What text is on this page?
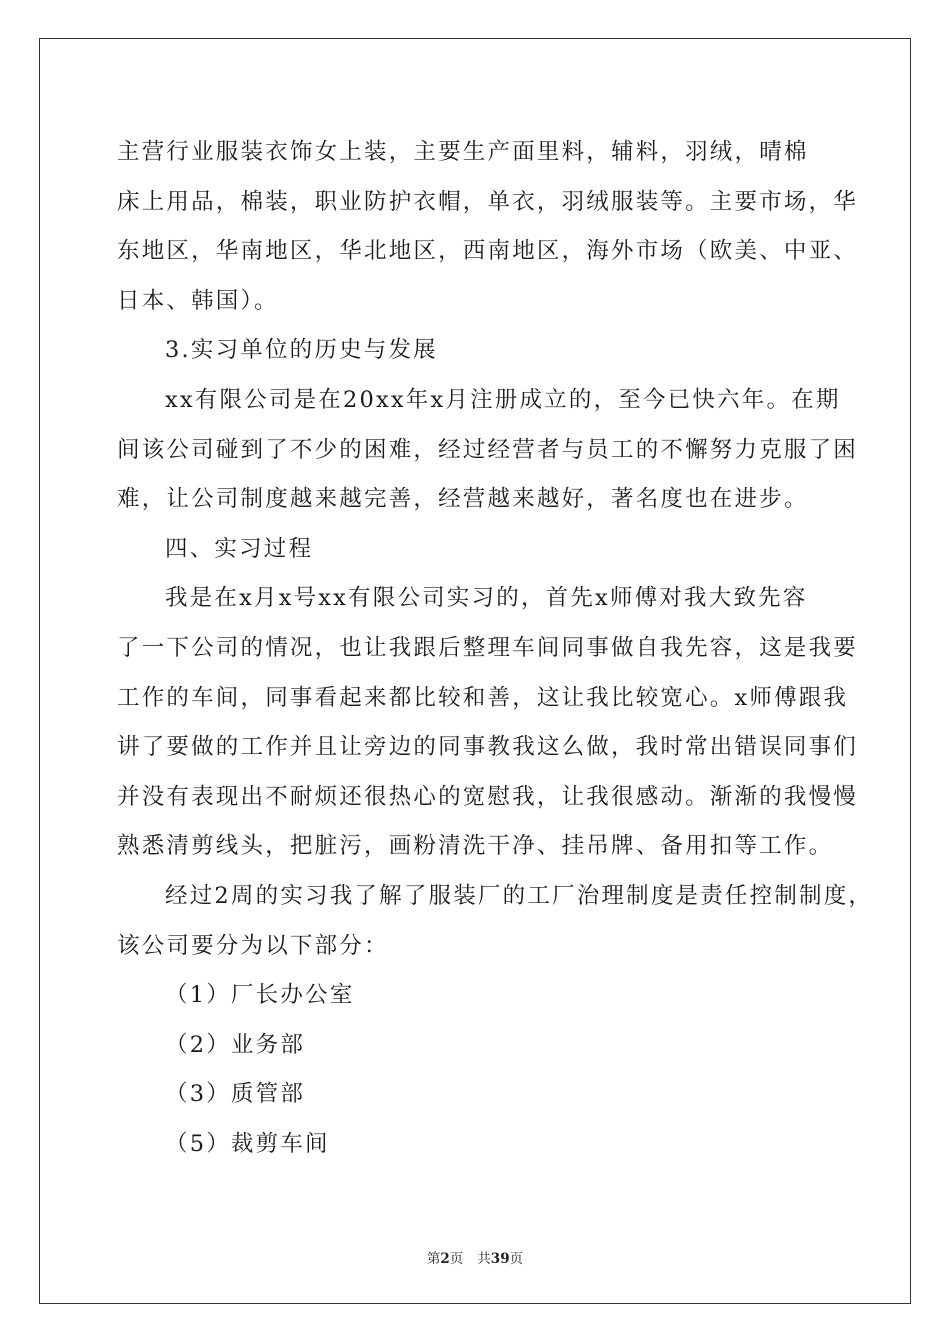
主营行业服装衣饰女上装，主要生产面里料，辅料，羽绒，晴棉
床上用品，棉装，职业防护衣帽，单衣，羽绒服装等。主要市场，华
东地区，华南地区，华北地区，西南地区，海外市场（欧美、中亚、
日本、韩国）。
3.实习单位的历史与发展
xx有限公司是在20xx年x月注册成立的，至今已快六年。在期
间该公司碰到了不少的困难，经过经营者与员工的不懈努力克服了困
难，让公司制度越来越完善，经营越来越好，著名度也在进步。
四、实习过程
我是在x月x号xx有限公司实习的，首先x师傅对我大致先容
了一下公司的情况，也让我跟后整理车间同事做自我先容，这是我要
工作的车间，同事看起来都比较和善，这让我比较宽心。x师傅跟我
讲了要做的工作并且让旁边的同事教我这么做，我时常出错误同事们
并没有表现出不耐烦还很热心的宽慰我，让我很感动。渐渐的我慢慢
熟悉清剪线头，把脏污，画粉清洗干净、挂吊牌、备用扣等工作。
经过2周的实习我了解了服装厂的工厂治理制度是责任控制制度，
该公司要分为以下部分：
（1）厂长办公室
（2）业务部
（3）质管部
（5）裁剪车间
第2页 共39页
